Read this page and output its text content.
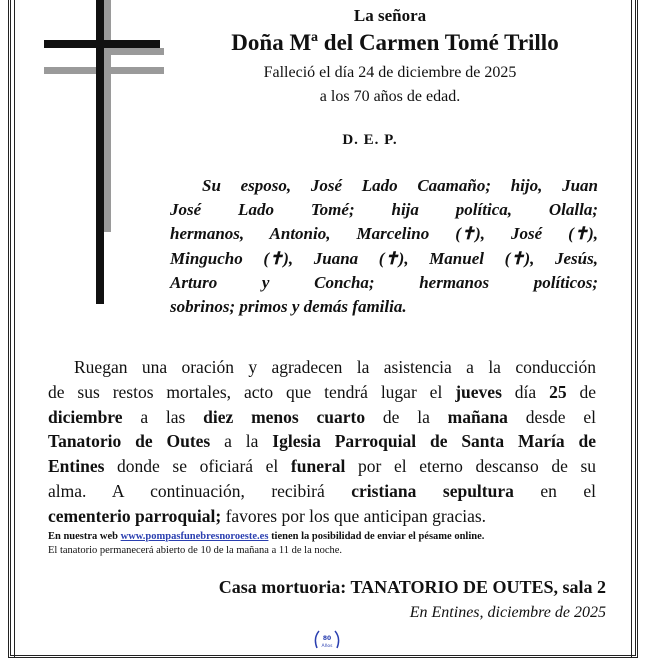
La señora
Doña Mª del Carmen Tomé Trillo
Falleció el día 24 de diciembre de 2025
a los 70 años de edad.
D. E. P.
Su esposo, José Lado Caamaño; hijo, Juan
José Lado Tomé; hija política, Olalla;
hermanos, Antonio, Marcelino (✝), José (✝),
Mingucho (✝), Juana (✝), Manuel (✝), Jesús,
Arturo y Concha; hermanos políticos;
sobrinos; primos y demás familia.
Ruegan una oración y agradecen la asistencia a la conducción
de sus restos mortales, acto que tendrá lugar el jueves día 25 de
diciembre a las diez menos cuarto de la mañana desde el
Tanatorio de Outes a la Iglesia Parroquial de Santa María de
Entines donde se oficiará el funeral por el eterno descanso de su
alma. A continuación, recibirá cristiana sepultura en el
cementerio parroquial; favores por los que anticipan gracias.
En nuestra web www.pompasfunebresnoroeste.es tienen la posibilidad de enviar el pésame online.
El tanatorio permanecerá abierto de 10 de la mañana a 11 de la noche.
Casa mortuoria: TANATORIO DE OUTES, sala 2
En Entines, diciembre de 2025
80
Años
